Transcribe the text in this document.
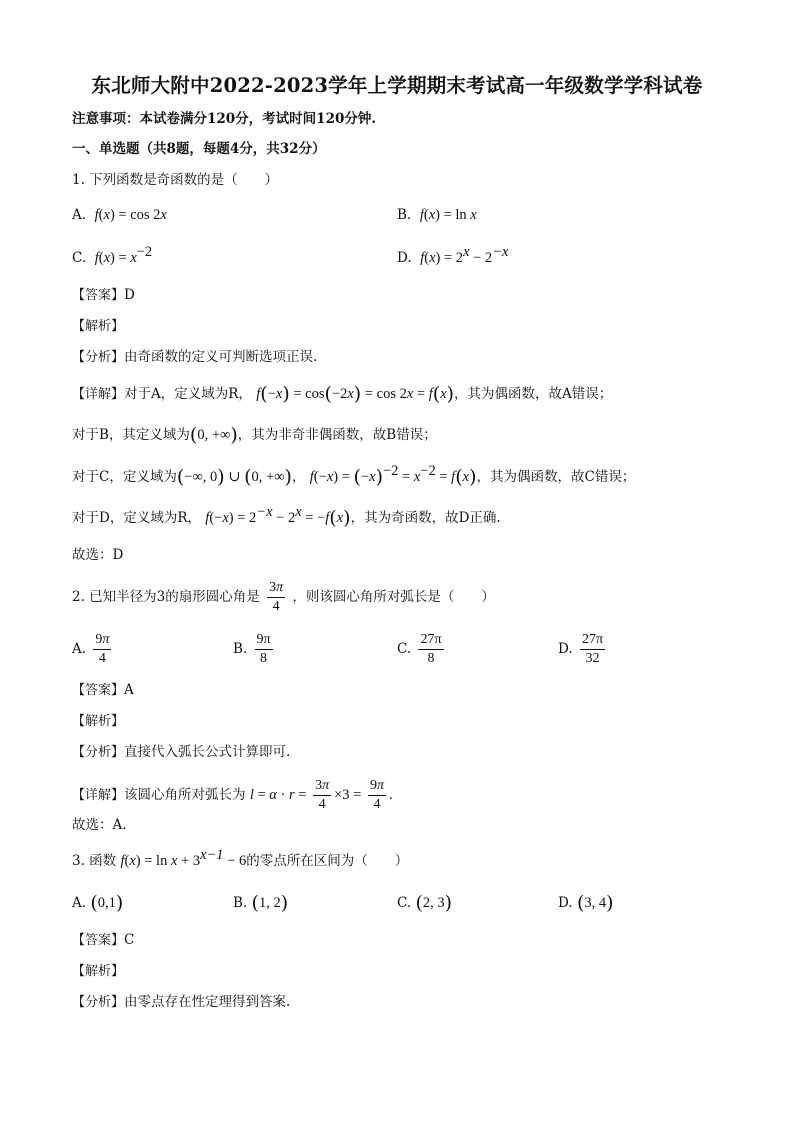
东北师大附中2022-2023学年上学期期末考试高一年级数学学科试卷
注意事项：本试卷满分120分，考试时间120分钟.
一、单选题（共8题，每题4分，共32分）
1. 下列函数是奇函数的是（　　）
A. f(x) = cos 2x	B. f(x) = ln x
C. $f(x) = x^{-2}$	D. $f(x) = 2^x - 2^{-x}$
【答案】D
【解析】
【分析】由奇函数的定义可判断选项正误.
【详解】对于A，定义域为R， f(−x) = cos(−2x) = cos 2x = f(x)，其为偶函数，故A错误；
对于B，其定义域为(0, +∞)，其为非奇非偶函数，故B错误；
对于C，定义域为(−∞, 0) ∪ (0, +∞)， $f(-x) = (-x)^{-2} = x^{-2} = f(x)$，其为偶函数，故C错误；
对于D，定义域为R， $f(-x) = 2^{-x} - 2^x = -f(x)$，其为奇函数，故D正确.
故选：D
2. 已知半径为3的扇形圆心角是 $\frac{3\pi}{4}$ ，则该圆心角所对弧长是（　　）
A. $\frac{9\pi}{4}$	B. $\frac{9\pi}{8}$	C. $\frac{27\pi}{8}$	D. $\frac{27\pi}{32}$
【答案】A
【解析】
【分析】直接代入弧长公式计算即可.
【详解】该圆心角所对弧长为 $l = \alpha \cdot r = \frac{3\pi}{4} \times 3 = \frac{9\pi}{4}$ .
故选：A.
3. 函数 $f(x) = \ln x + 3^{x-1} - 6$的零点所在区间为（　　）
A. (0,1)	B. (1, 2)	C. (2, 3)	D. (3, 4)
【答案】C
【解析】
【分析】由零点存在性定理得到答案.
